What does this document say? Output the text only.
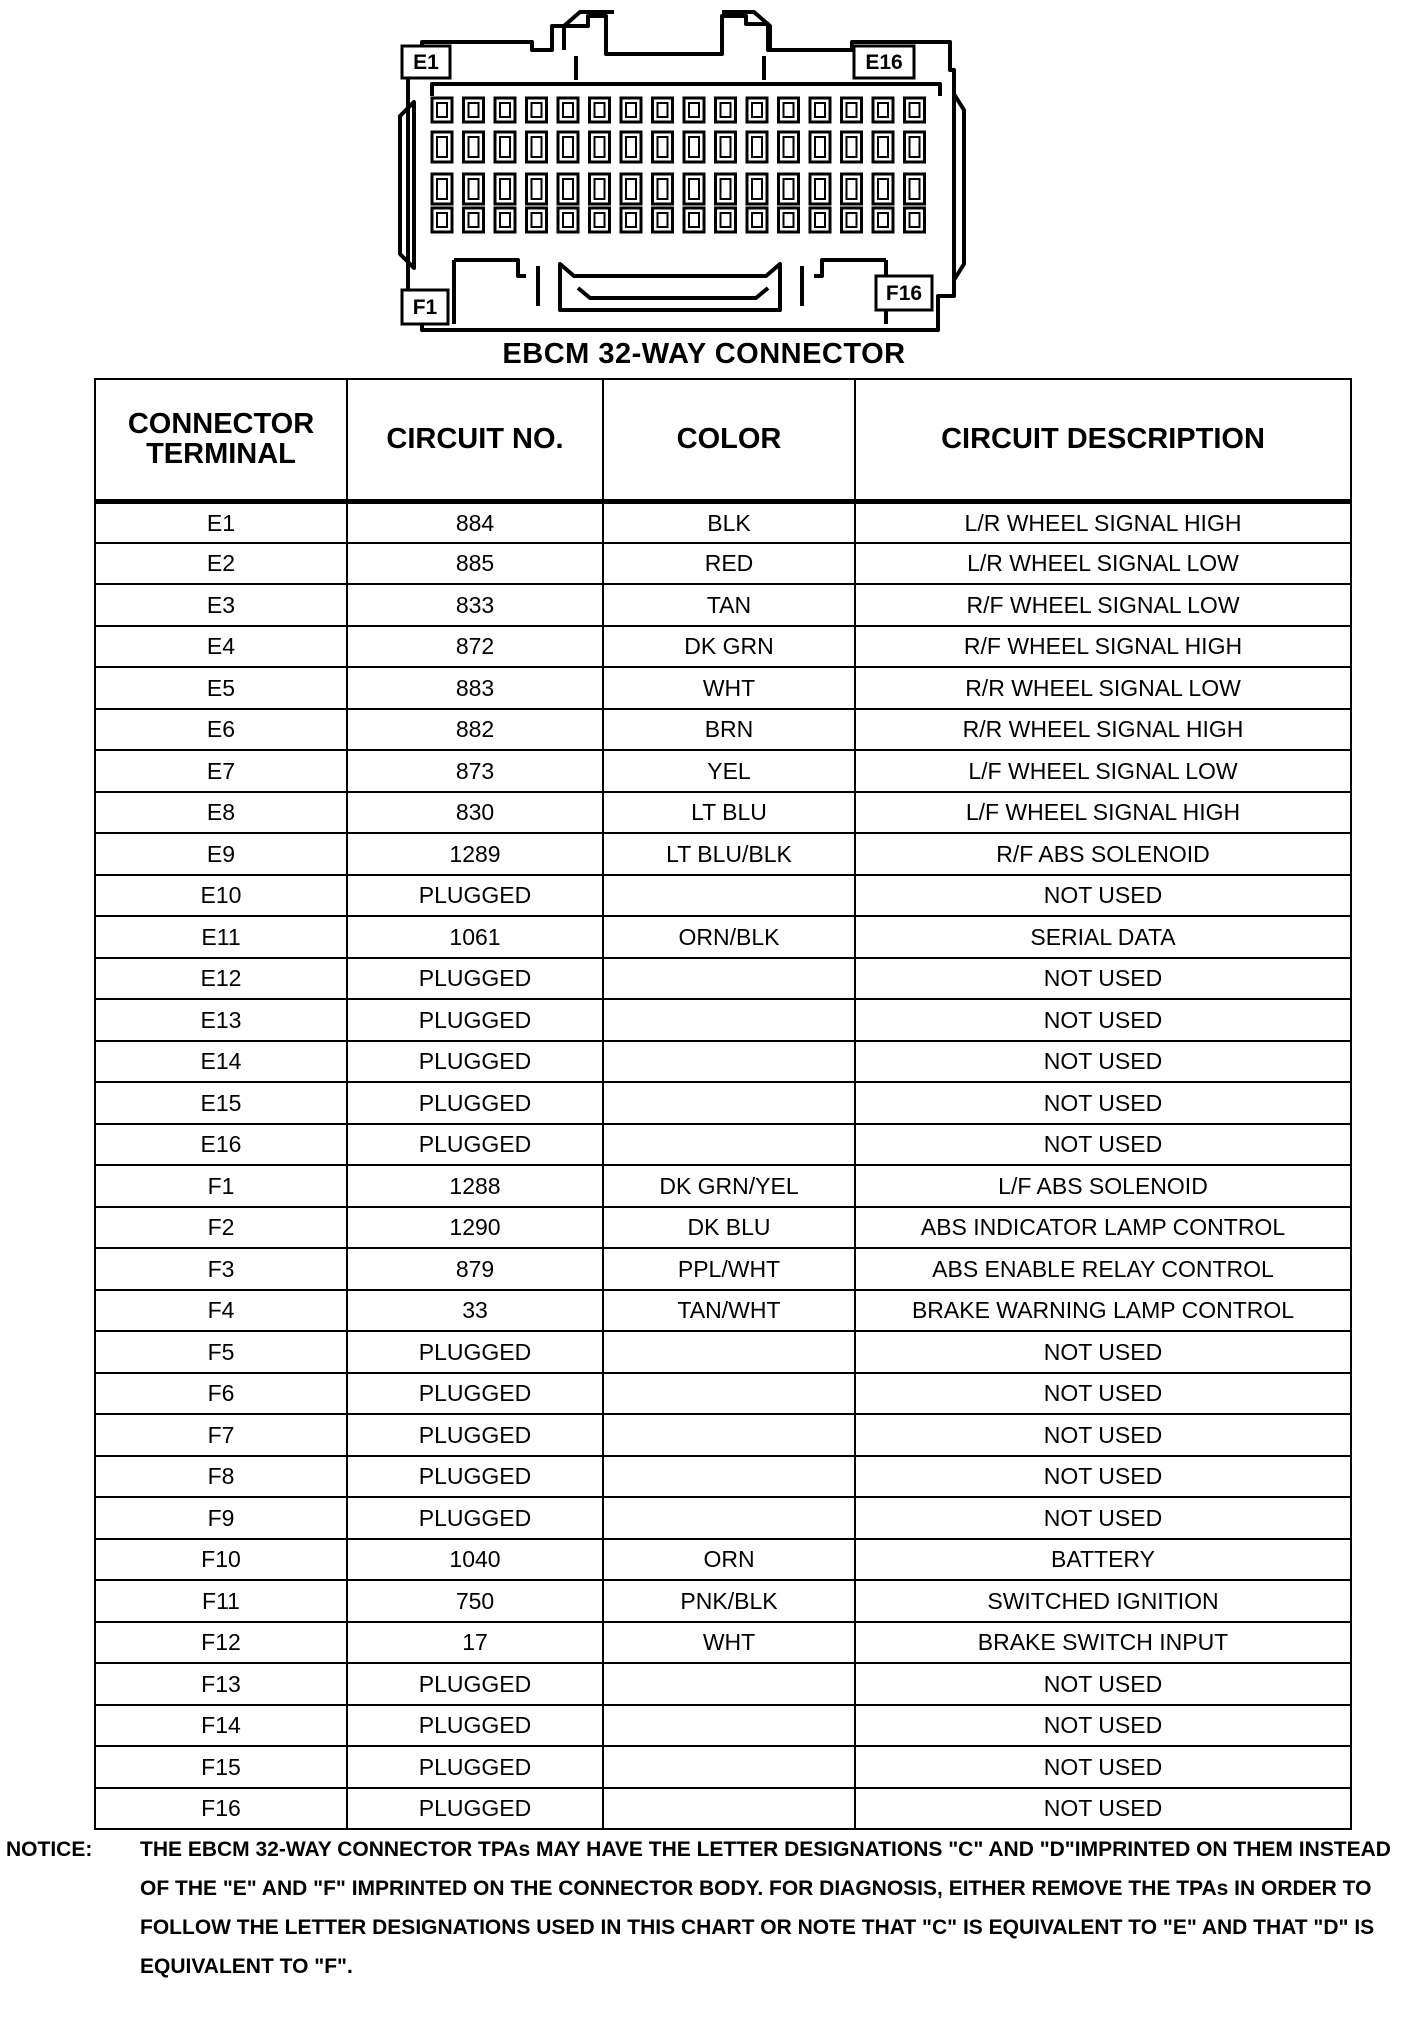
E1	E16
F1
F16
EBCM 32-WAY CONNECTOR
CONNECTOR TERMINAL	CIRCUIT NO.	COLOR	CIRCUIT DESCRIPTION
E1	884	BLK	L/R WHEEL SIGNAL HIGH
E2	885	RED	L/R WHEEL SIGNAL LOW
E3	833	TAN	R/F WHEEL SIGNAL LOW
E4	872	DK GRN	R/F WHEEL SIGNAL HIGH
E5	883	WHT	R/R WHEEL SIGNAL LOW
E6	882	BRN	R/R WHEEL SIGNAL HIGH
E7	873	YEL	L/F WHEEL SIGNAL LOW
E8	830	LT BLU	L/F WHEEL SIGNAL HIGH
E9	1289	LT BLU/BLK	R/F ABS SOLENOID
E10	PLUGGED		NOT USED
E11	1061	ORN/BLK	SERIAL DATA
E12	PLUGGED		NOT USED
E13	PLUGGED		NOT USED
E14	PLUGGED		NOT USED
E15	PLUGGED		NOT USED
E16	PLUGGED		NOT USED
F1	1288	DK GRN/YEL	L/F ABS SOLENOID
F2	1290	DK BLU	ABS INDICATOR LAMP CONTROL
F3	879	PPL/WHT	ABS ENABLE RELAY CONTROL
F4	33	TAN/WHT	BRAKE WARNING LAMP CONTROL
F5	PLUGGED		NOT USED
F6	PLUGGED		NOT USED
F7	PLUGGED		NOT USED
F8	PLUGGED		NOT USED
F9	PLUGGED		NOT USED
F10	1040	ORN	BATTERY
F11	750	PNK/BLK	SWITCHED IGNITION
F12	17	WHT	BRAKE SWITCH INPUT
F13	PLUGGED		NOT USED
F14	PLUGGED		NOT USED
F15	PLUGGED		NOT USED
F16	PLUGGED		NOT USED
NOTICE: THE EBCM 32-WAY CONNECTOR TPAs MAY HAVE THE LETTER DESIGNATIONS "C" AND "D"IMPRINTED ON THEM INSTEAD OF THE "E" AND "F" IMPRINTED ON THE CONNECTOR BODY. FOR DIAGNOSIS, EITHER REMOVE THE TPAs IN ORDER TO FOLLOW THE LETTER DESIGNATIONS USED IN THIS CHART OR NOTE THAT "C" IS EQUIVALENT TO "E" AND THAT "D" IS EQUIVALENT TO "F".
